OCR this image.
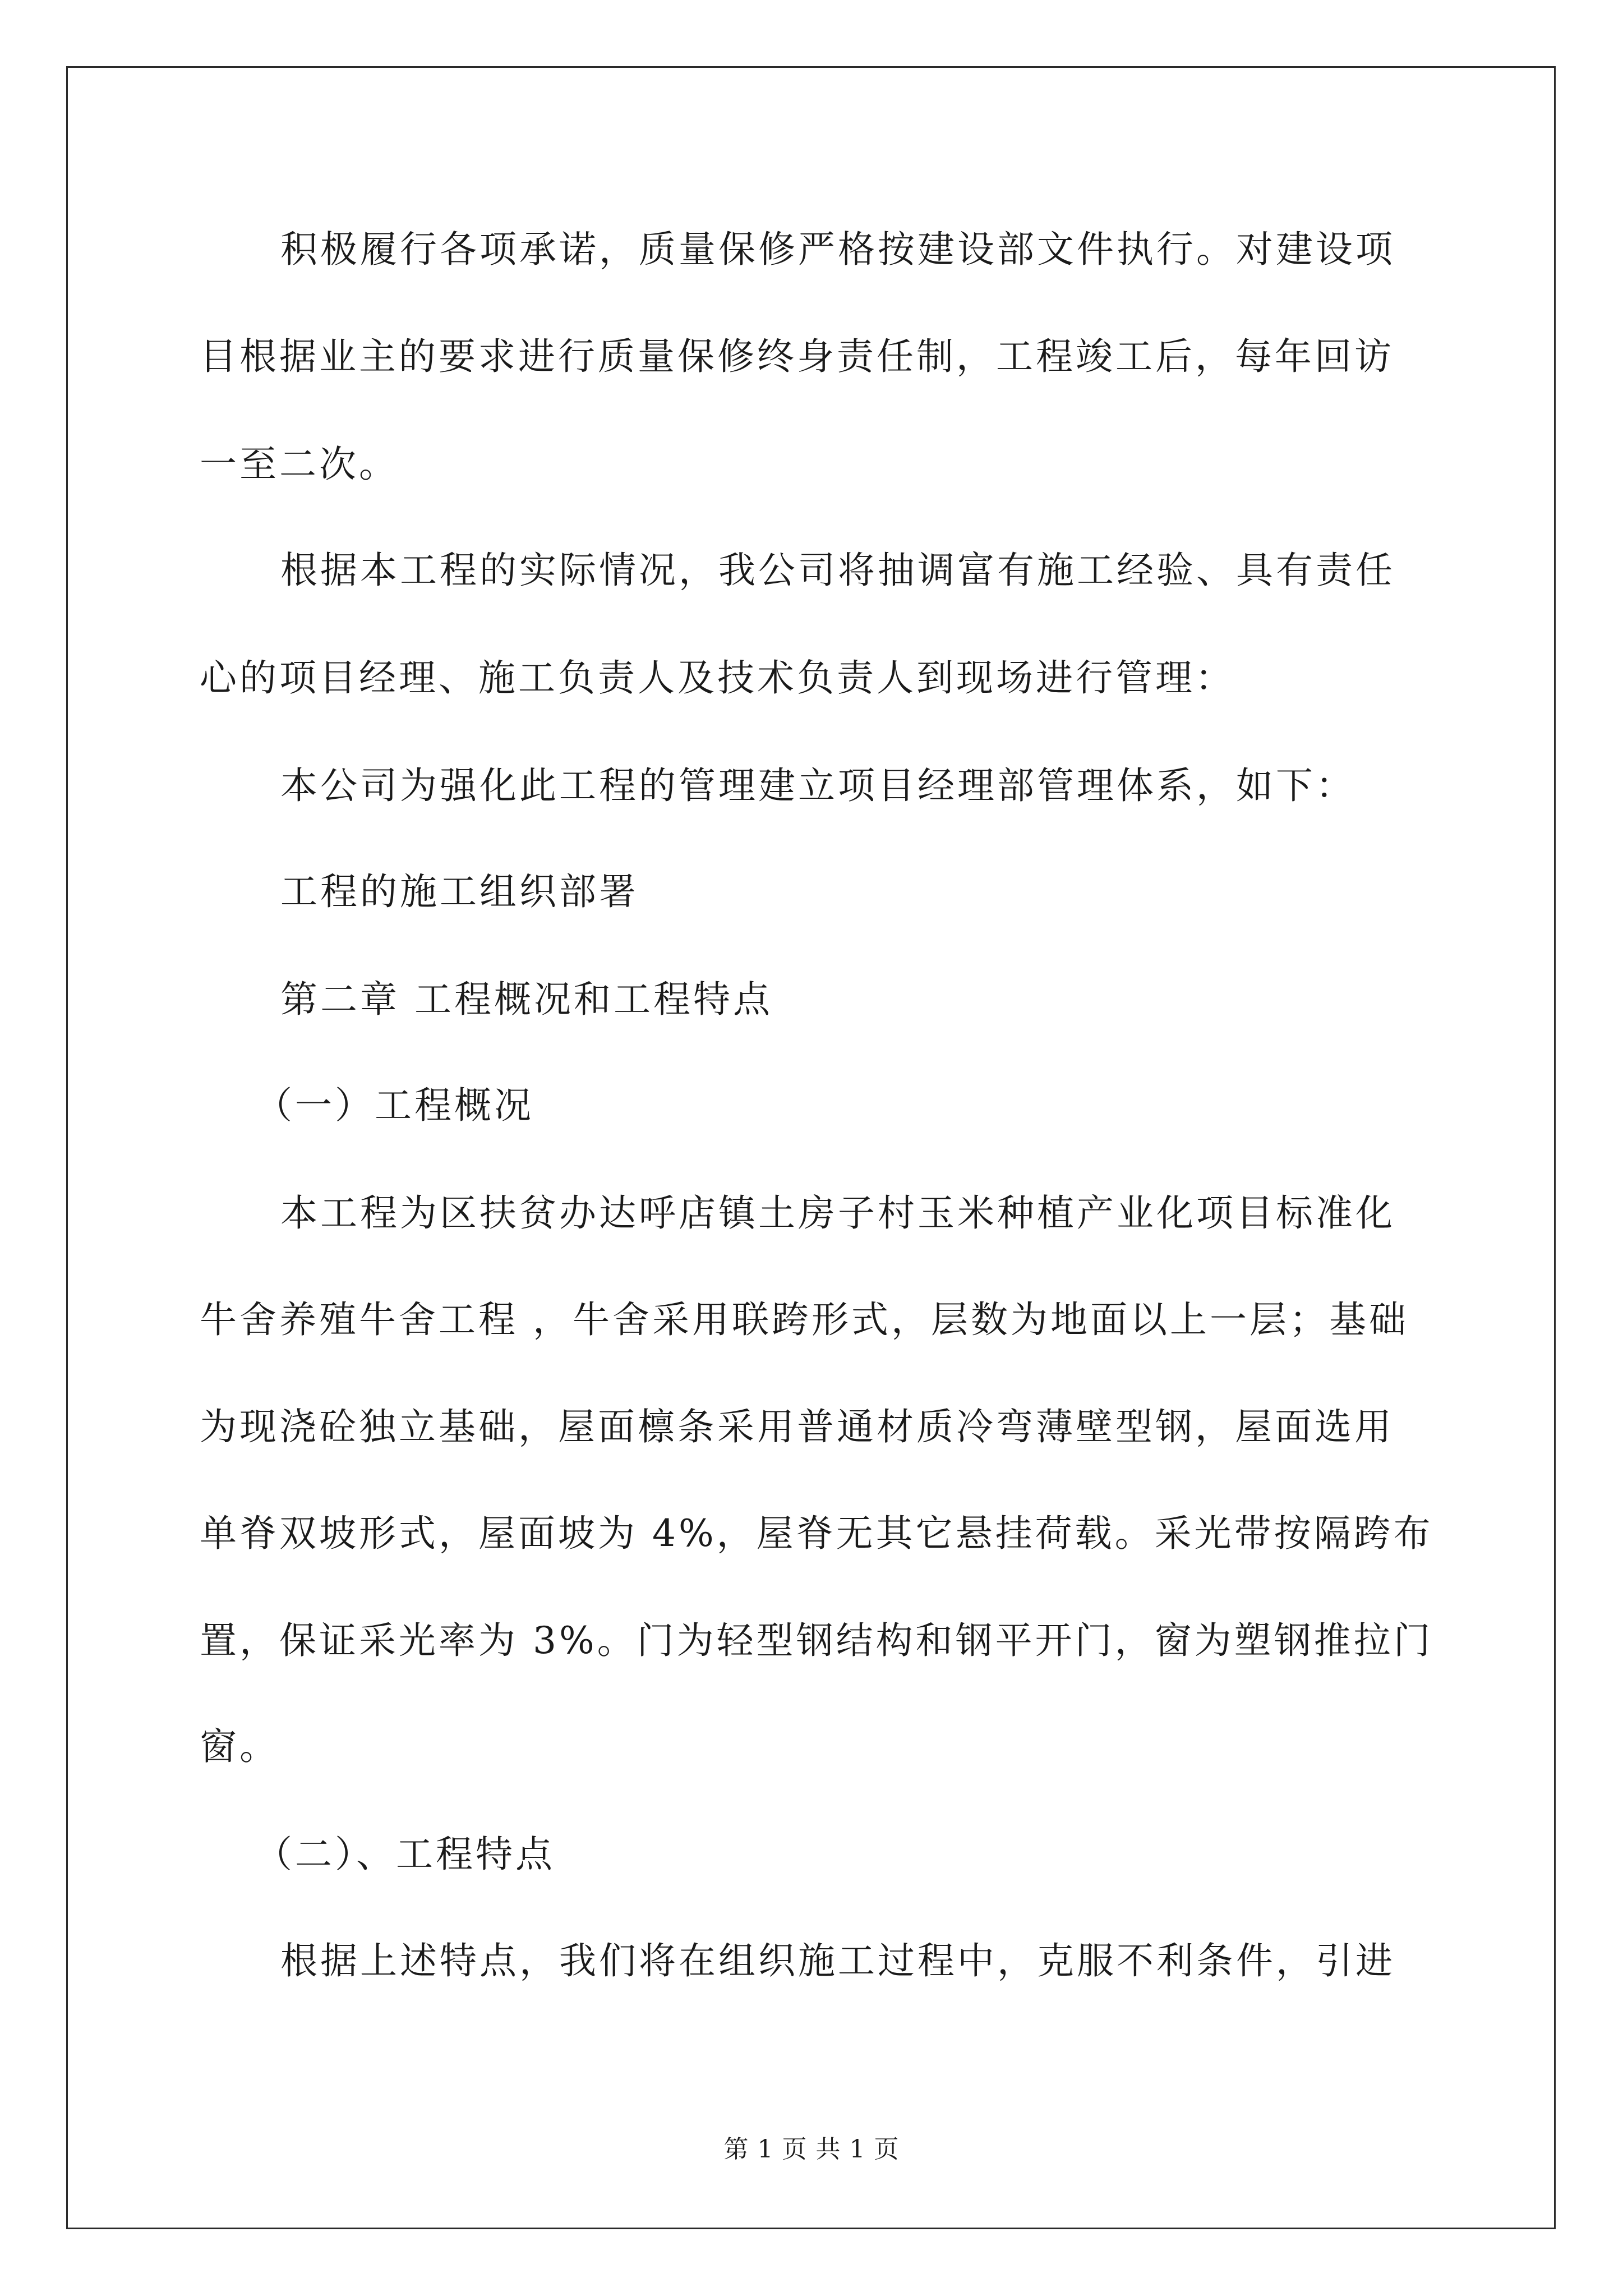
积极履行各项承诺，质量保修严格按建设部文件执行。对建设项
目根据业主的要求进行质量保修终身责任制，工程竣工后，每年回访
一至二次。
根据本工程的实际情况，我公司将抽调富有施工经验、具有责任
心的项目经理、施工负责人及技术负责人到现场进行管理：
本公司为强化此工程的管理建立项目经理部管理体系，如下：
工程的施工组织部署
第二章 工程概况和工程特点
（一）工程概况
本工程为区扶贫办达呼店镇土房子村玉米种植产业化项目标准化
牛舍养殖牛舍工程 ，牛舍采用联跨形式，层数为地面以上一层；基础
为现浇砼独立基础，屋面檩条采用普通材质冷弯薄壁型钢，屋面选用
单脊双坡形式，屋面坡为 4%，屋脊无其它悬挂荷载。采光带按隔跨布
置，保证采光率为 3%。门为轻型钢结构和钢平开门，窗为塑钢推拉门
窗。
（二）、工程特点
根据上述特点，我们将在组织施工过程中，克服不利条件，引进
第 1 页 共 1 页
